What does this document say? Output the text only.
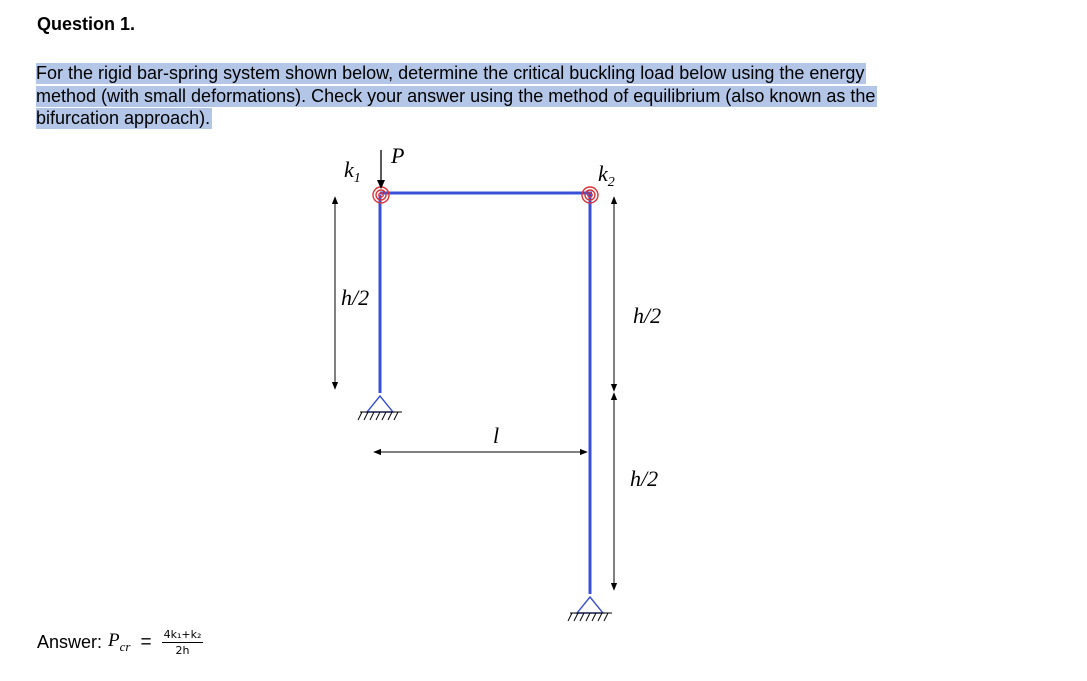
Question 1.
For the rigid bar-spring system shown below, determine the critical buckling load below using the energy
method (with small deformations). Check your answer using the method of equilibrium (also known as the
bifurcation approach).
$k_1$
P
$k_2$
h/2
h/2
h/2
l
Answer: $P_{cr} = \frac{\text{4k₁+k₂}}{2h}$
